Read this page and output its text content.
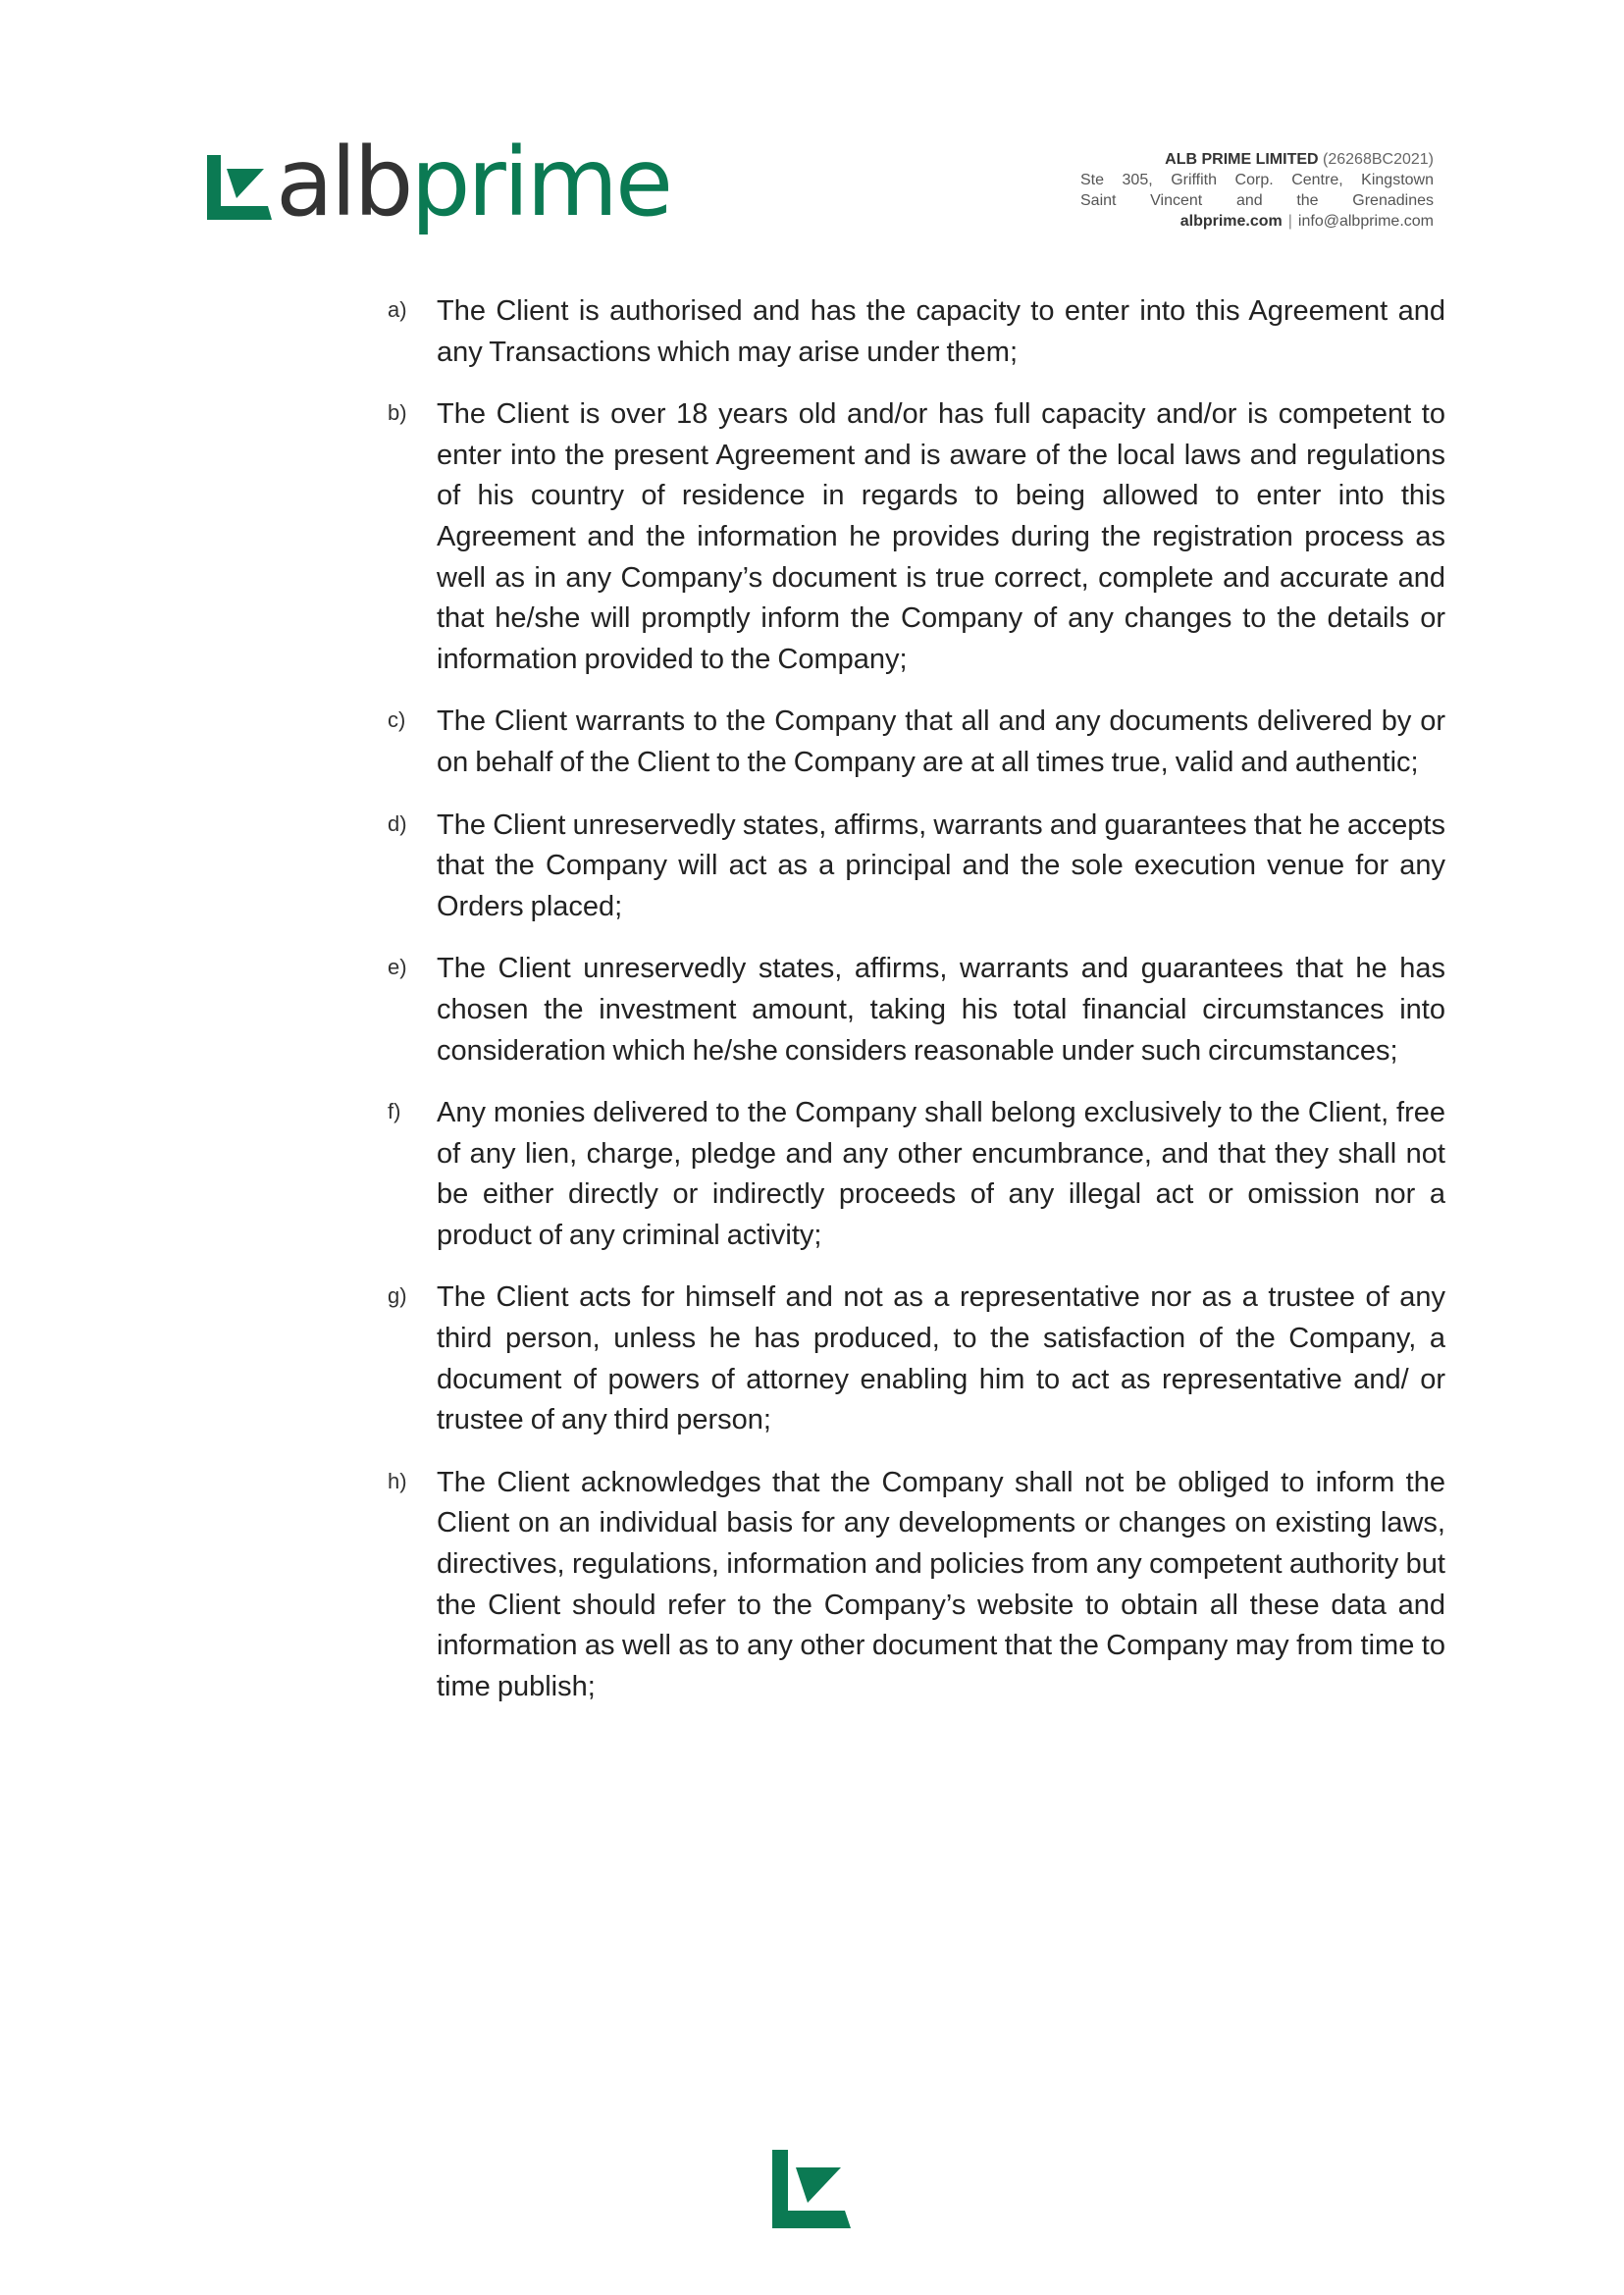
albprime	ALB PRIME LIMITED (26268BC2021)
Ste 305, Griffith Corp. Centre, Kingstown
Saint Vincent and the Grenadines
albprime.com | info@albprime.com
a) The Client is authorised and has the capacity to enter into this Agreement and any Transactions which may arise under them;
b) The Client is over 18 years old and/or has full capacity and/or is competent to enter into the present Agreement and is aware of the local laws and regulations of his country of residence in regards to being allowed to enter into this Agreement and the information he provides during the registration process as well as in any Company’s document is true correct, complete and accurate and that he/she will promptly inform the Company of any changes to the details or information provided to the Company;
c) The Client warrants to the Company that all and any documents delivered by or on behalf of the Client to the Company are at all times true, valid and authentic;
d) The Client unreservedly states, affirms, warrants and guarantees that he accepts that the Company will act as a principal and the sole execution venue for any Orders placed;
e) The Client unreservedly states, affirms, warrants and guarantees that he has chosen the investment amount, taking his total financial circumstances into consideration which he/she considers reasonable under such circumstances;
f) Any monies delivered to the Company shall belong exclusively to the Client, free of any lien, charge, pledge and any other encumbrance, and that they shall not be either directly or indirectly proceeds of any illegal act or omission nor a product of any criminal activity;
g) The Client acts for himself and not as a representative nor as a trustee of any third person, unless he has produced, to the satisfaction of the Company, a document of powers of attorney enabling him to act as representative and/ or trustee of any third person;
h) The Client acknowledges that the Company shall not be obliged to inform the Client on an individual basis for any developments or changes on existing laws, directives, regulations, information and policies from any competent authority but the Client should refer to the Company’s website to obtain all these data and information as well as to any other document that the Company may from time to time publish;
